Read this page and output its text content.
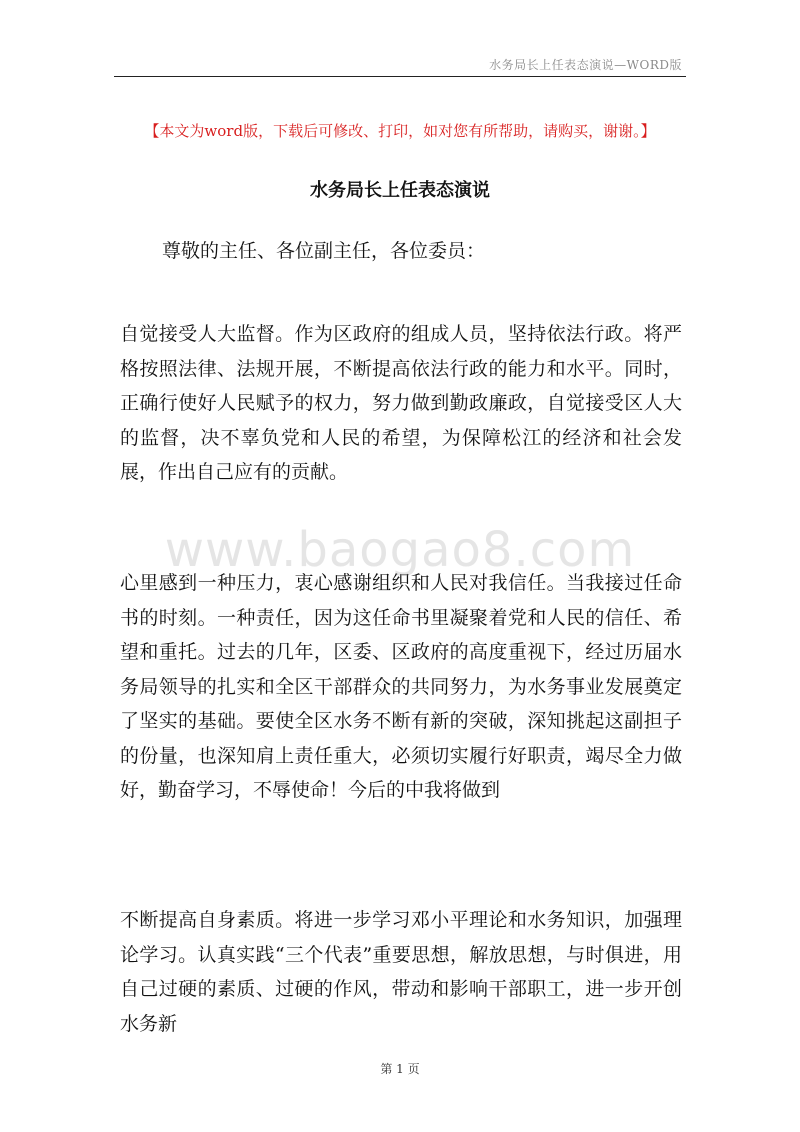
水务局长上任表态演说—WORD版
【本文为word版，下载后可修改、打印，如对您有所帮助，请购买，谢谢。】
水务局长上任表态演说
尊敬的主任、各位副主任，各位委员：

自觉接受人大监督。作为区政府的组成人员，坚持依法行政。将严格按照法律、法规开展，不断提高依法行政的能力和水平。同时，正确行使好人民赋予的权力，努力做到勤政廉政，自觉接受区人大的监督，决不辜负党和人民的希望，为保障松江的经济和社会发展，作出自己应有的贡献。

心里感到一种压力，衷心感谢组织和人民对我信任。当我接过任命书的时刻。一种责任，因为这任命书里凝聚着党和人民的信任、希望和重托。过去的几年，区委、区政府的高度重视下，经过历届水务局领导的扎实和全区干部群众的共同努力，为水务事业发展奠定了坚实的基础。要使全区水务不断有新的突破，深知挑起这副担子的份量，也深知肩上责任重大，必须切实履行好职责，竭尽全力做好，勤奋学习，不辱使命！今后的中我将做到

不断提高自身素质。将进一步学习邓小平理论和水务知识，加强理论学习。认真实践“三个代表”重要思想，解放思想，与时俱进，用自己过硬的素质、过硬的作风，带动和影响干部职工，进一步开创水务新

www.baogao8.com
第 1 页
